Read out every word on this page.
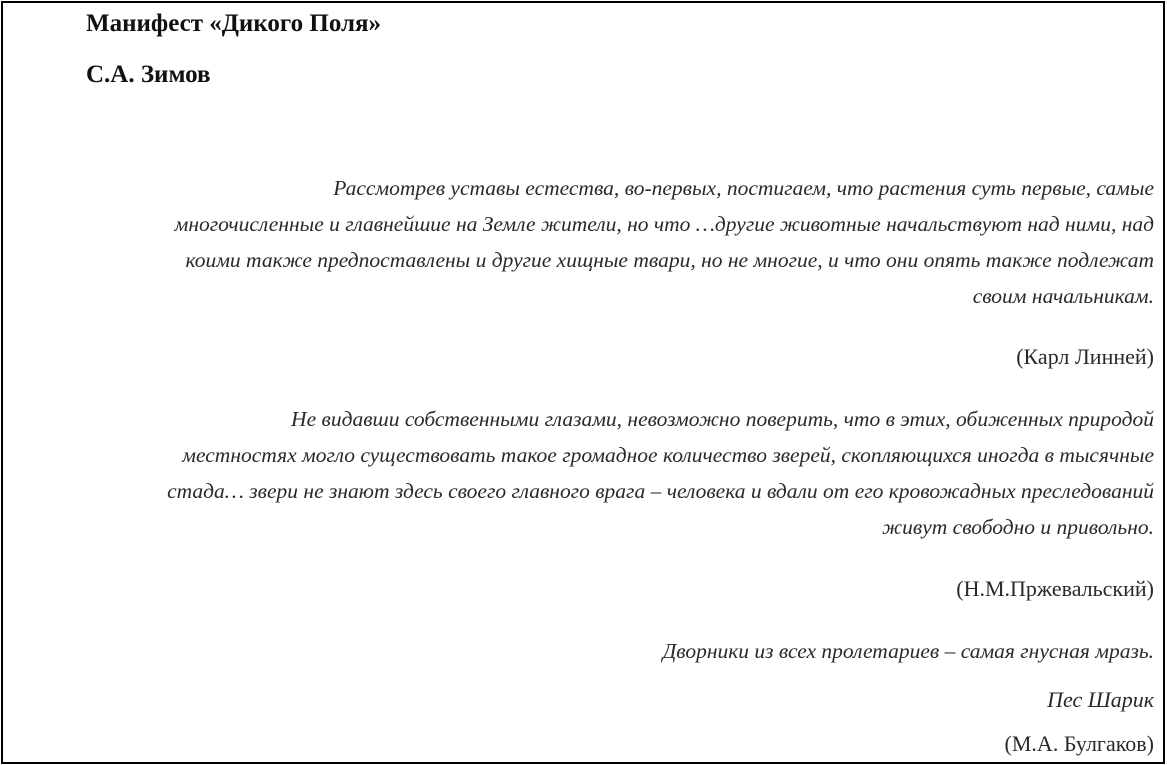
Манифест «Дикого Поля»
С.А. Зимов
Рассмотрев уставы естества, во-первых, постигаем, что растения суть первые, самые
многочисленные и главнейшие на Земле жители, но что …другие животные начальствуют над ними, над
коими также предпоставлены и другие хищные твари, но не многие, и что они опять также подлежат
своим начальникам.
(Карл Линней)
Не видавши собственными глазами, невозможно поверить, что в этих, обиженных природой
местностях могло существовать такое громадное количество зверей, скопляющихся иногда в тысячные
стада… звери не знают здесь своего главного врага – человека и вдали от его кровожадных преследований
живут свободно и привольно.
(Н.М.Пржевальский)
Дворники из всех пролетариев – самая гнусная мразь.
Пес Шарик
(М.А. Булгаков)
